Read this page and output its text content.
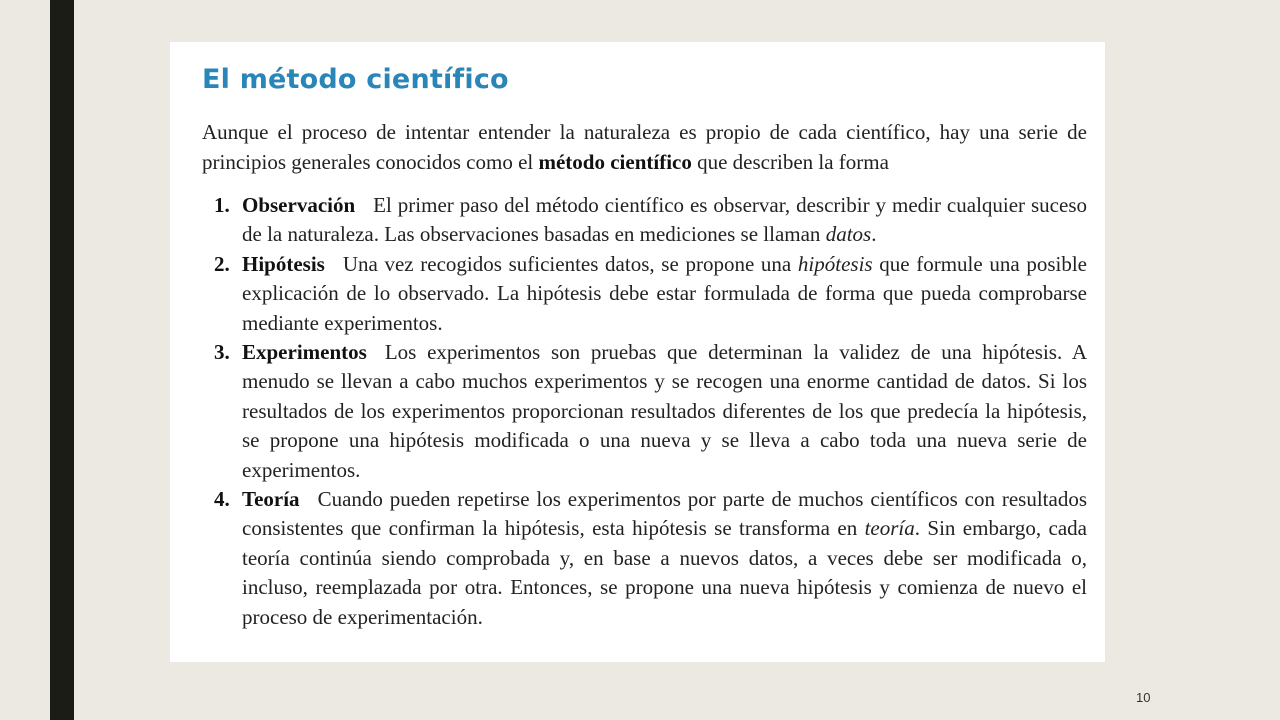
El método científico

Aunque el proceso de intentar entender la naturaleza es propio de cada científico, hay una serie de principios generales conocidos como el método científico que describen la forma

1. Observación El primer paso del método científico es observar, describir y medir cualquier suceso de la naturaleza. Las observaciones basadas en mediciones se llaman datos.
2. Hipótesis Una vez recogidos suficientes datos, se propone una hipótesis que formule una posible explicación de lo observado. La hipótesis debe estar formulada de forma que pueda comprobarse mediante experimentos.
3. Experimentos Los experimentos son pruebas que determinan la validez de una hipótesis. A menudo se llevan a cabo muchos experimentos y se recogen una enorme cantidad de datos. Si los resultados de los experimentos proporcionan resultados diferentes de los que predecía la hipótesis, se propone una hipótesis modificada o una nueva y se lleva a cabo toda una nueva serie de experimentos.
4. Teoría Cuando pueden repetirse los experimentos por parte de muchos científicos con resultados consistentes que confirman la hipótesis, esta hipótesis se transforma en teoría. Sin embargo, cada teoría continúa siendo comprobada y, en base a nuevos datos, a veces debe ser modificada o, incluso, reemplazada por otra. Entonces, se propone una nueva hipótesis y comienza de nuevo el proceso de experimentación.
10
